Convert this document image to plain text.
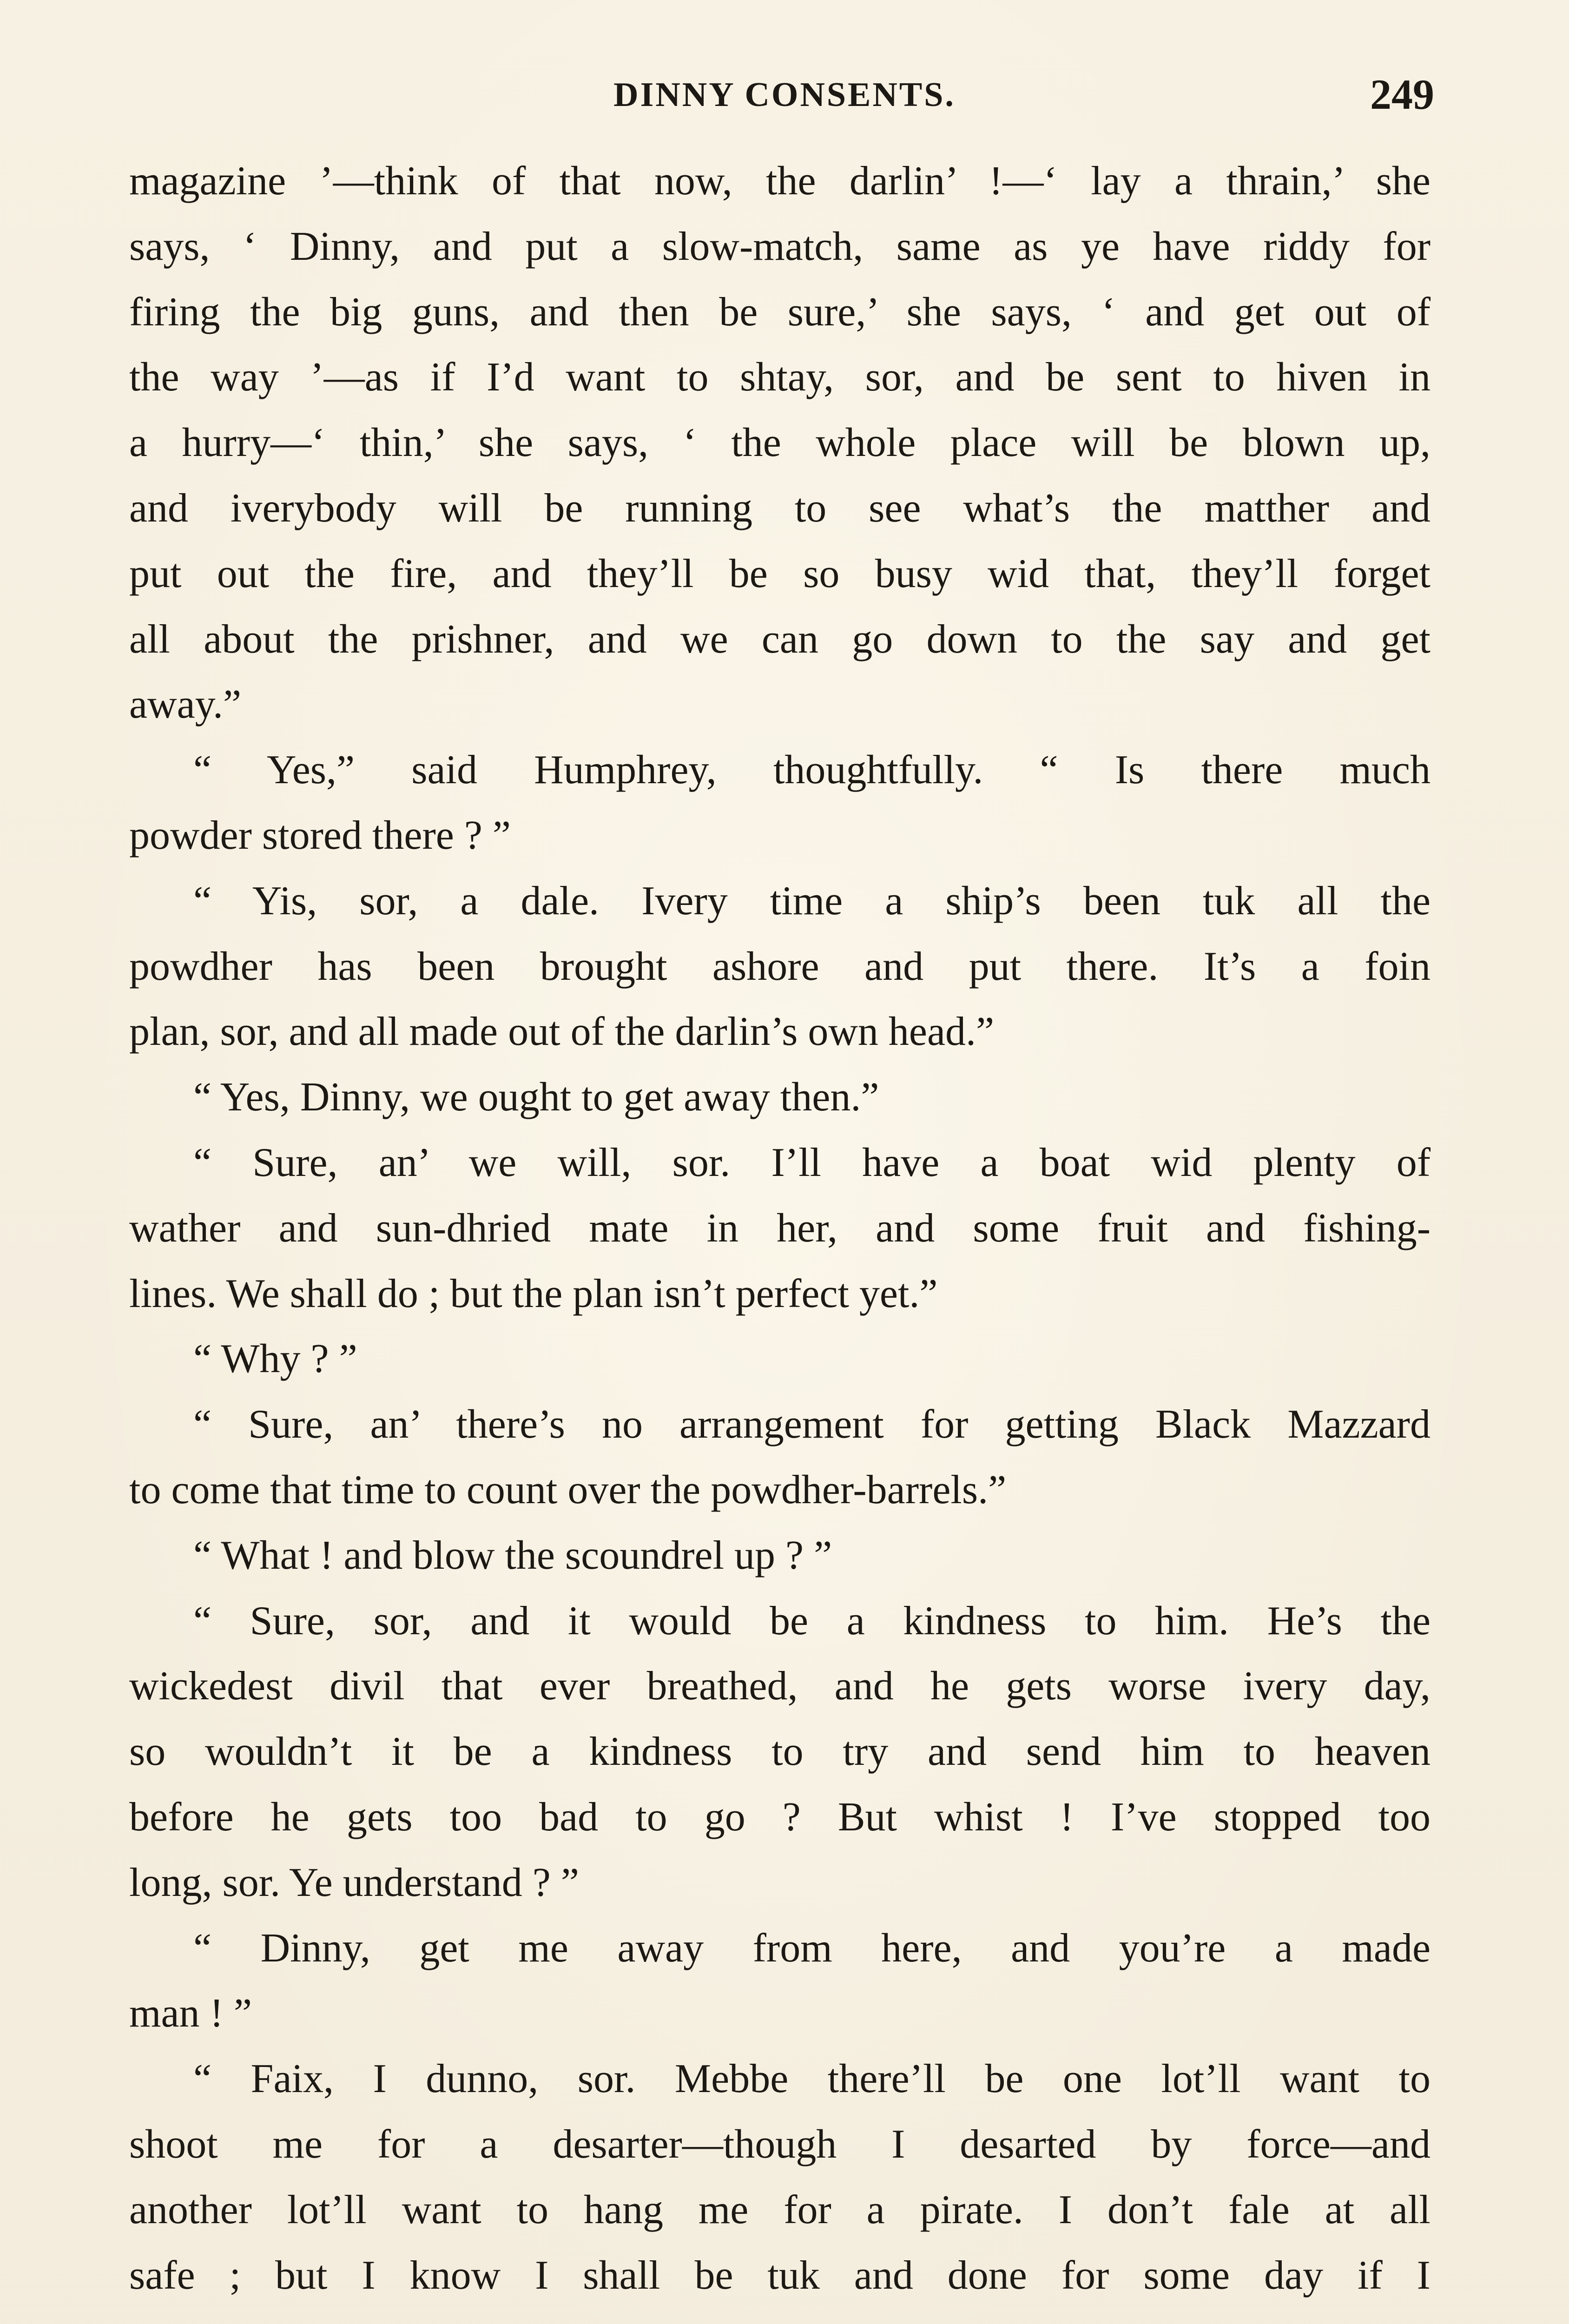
DINNY CONSENTS.	249
magazine ’—think of that now, the darlin’ !—‘ lay a thrain,’ she
says, ‘ Dinny, and put a slow-match, same as ye have riddy for
firing the big guns, and then be sure,’ she says, ‘ and get out of
the way ’—as if I’d want to shtay, sor, and be sent to hiven in
a hurry—‘ thin,’ she says, ‘ the whole place will be blown up,
and iverybody will be running to see what’s the matther and
put out the fire, and they’ll be so busy wid that, they’ll forget
all about the prishner, and we can go down to the say and get
away.”
“ Yes,” said Humphrey, thoughtfully. “ Is there much
powder stored there ? ”
“ Yis, sor, a dale. Ivery time a ship’s been tuk all the
powdher has been brought ashore and put there. It’s a foin
plan, sor, and all made out of the darlin’s own head.”
“ Yes, Dinny, we ought to get away then.”
“ Sure, an’ we will, sor. I’ll have a boat wid plenty of
wather and sun-dhried mate in her, and some fruit and fishing-
lines. We shall do ; but the plan isn’t perfect yet.”
“ Why ? ”
“ Sure, an’ there’s no arrangement for getting Black Mazzard
to come that time to count over the powdher-barrels.”
“ What ! and blow the scoundrel up ? ”
“ Sure, sor, and it would be a kindness to him. He’s the
wickedest divil that ever breathed, and he gets worse ivery day,
so wouldn’t it be a kindness to try and send him to heaven
before he gets too bad to go ? But whist ! I’ve stopped too
long, sor. Ye understand ? ”
“ Dinny, get me away from here, and you’re a made
man ! ”
“ Faix, I dunno, sor. Mebbe there’ll be one lot’ll want to
shoot me for a desarter—though I desarted by force—and
another lot’ll want to hang me for a pirate. I don’t fale at all
safe ; but I know I shall be tuk and done for some day if I
